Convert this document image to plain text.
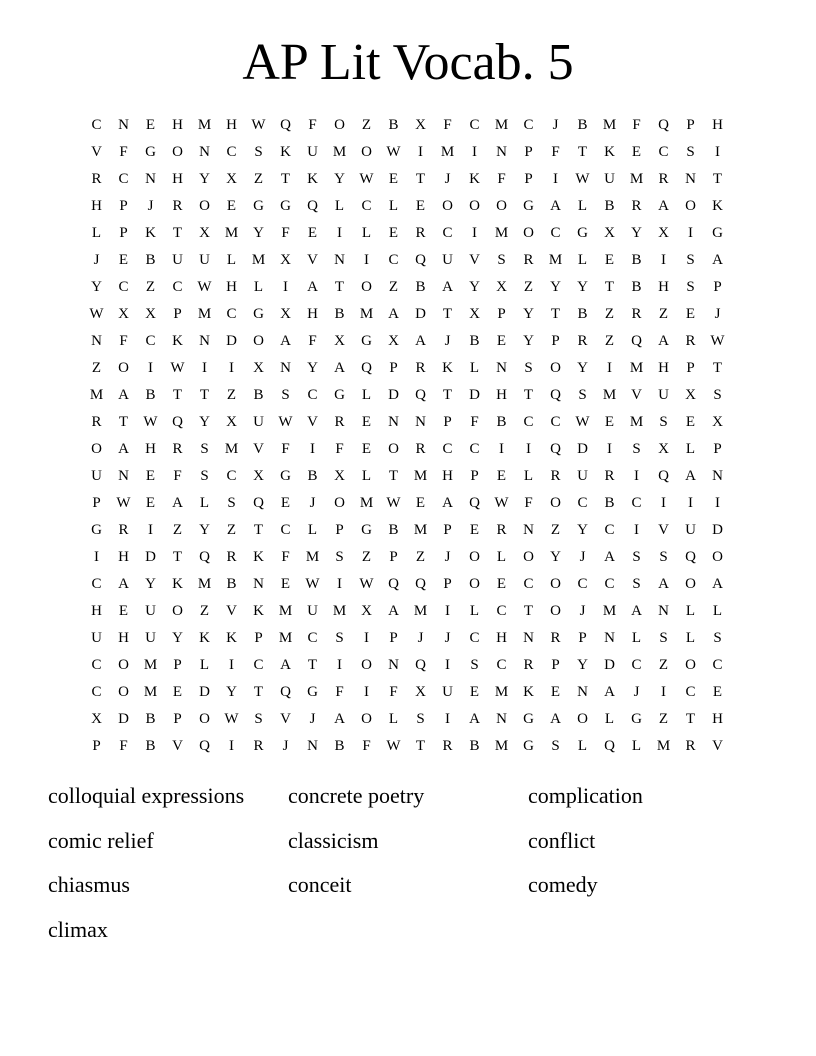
AP Lit Vocab. 5
C	N	E	H M H W Q	F	O	Z	B	X	F	C	M	C	J	B	M	F	Q	P	H
V	F	G	O	N	C	S	K	U M O W	I	M	I	N	P	F	T	K	E	C	S	I
R	C	N	H	Y	X	Z	T	K	Y W	E	T	J	K	F	P	I	W U M	R	N	T
H	P	J	R	O	E	G	G	Q	L	C	L	E	O	O	O	G	A	L	B	R	A	O	K
L	P	K	T	X M Y	F	E	I	L	E	R	C	I	M O	C	G	X	Y	X	I	G
J	E	B	U	U	L	M X	V	N	I	C	Q	U	V	S	R	M	L	E	B	I	S	A
Y	C	Z	C W H	L	I	A	T	O	Z	B	A	Y	X	Z	Y	Y	T	B	H	S	P
W X	X	P	M	C	G	X	H	B	M A	D	T	X	P	Y	T	B	Z	R	Z	E	J
N	F	C	K	N	D	O	A	F	X	G	X	A	J	B	E	Y	P	R	Z	Q	A	R W
Z	O	I	W	I	I	X	N	Y	A	Q	P	R	K	L	N	S	O	Y	I	M H	P	T
M A	B	T	T	Z	B	S	C	G	L	D	Q	T	D	H	T	Q	S	M V	U	X	S
R	T	W Q	Y	X	U W V	R	E	N	N	P	F	B	C	C W	E	M	S	E	X
O	A	H	R	S	M V	F	I	F	E	O	R	C	C	I	I	Q	D	I	S	X	L	P
U	N	E	F	S	C	X	G	B	X	L	T	M H	P	E	L	R	U	R	I	Q	A	N
P	W	E	A	L	S	Q	E	J	O M W	E	A	Q W	F	O	C	B	C	I	I	I
G	R	I	Z	Y	Z	T	C	L	P	G	B	M	P	E	R	N	Z	Y	C	I	V	U	D
I	H	D	T	Q	R	K	F	M	S	Z	P	Z	J	O	L	O	Y	J	A	S	S	Q	O
C	A	Y	K M	B	N	E	W	I	W Q	Q	P	O	E	C	O	C	C	S	A	O	A
H	E	U	O	Z	V	K M U M X	A M	I	L	C	T	O	J	M A	N	L	L
U	H	U	Y	K	K	P	M	C	S	I	P	J	J	C	H	N	R	P	N	L	S	L	S
C	O M	P	L	I	C	A	T	I	O	N	Q	I	S	C	R	P	Y	D	C	Z	O	C
C	O M	E	D	Y	T	Q	G	F	I	F	X	U	E	M K	E	N	A	J	I	C	E
X	D	B	P	O W	S	V	J	A	O	L	S	I	A	N	G	A	O	L	G	Z	T	H
P	F	B	V	Q	I	R	J	N	B	F	W	T	R	B	M G	S	L	Q	L	M	R	V
colloquial expressions	concrete poetry	complication
comic relief	classicism	conflict
chiasmus	conceit	comedy
climax
